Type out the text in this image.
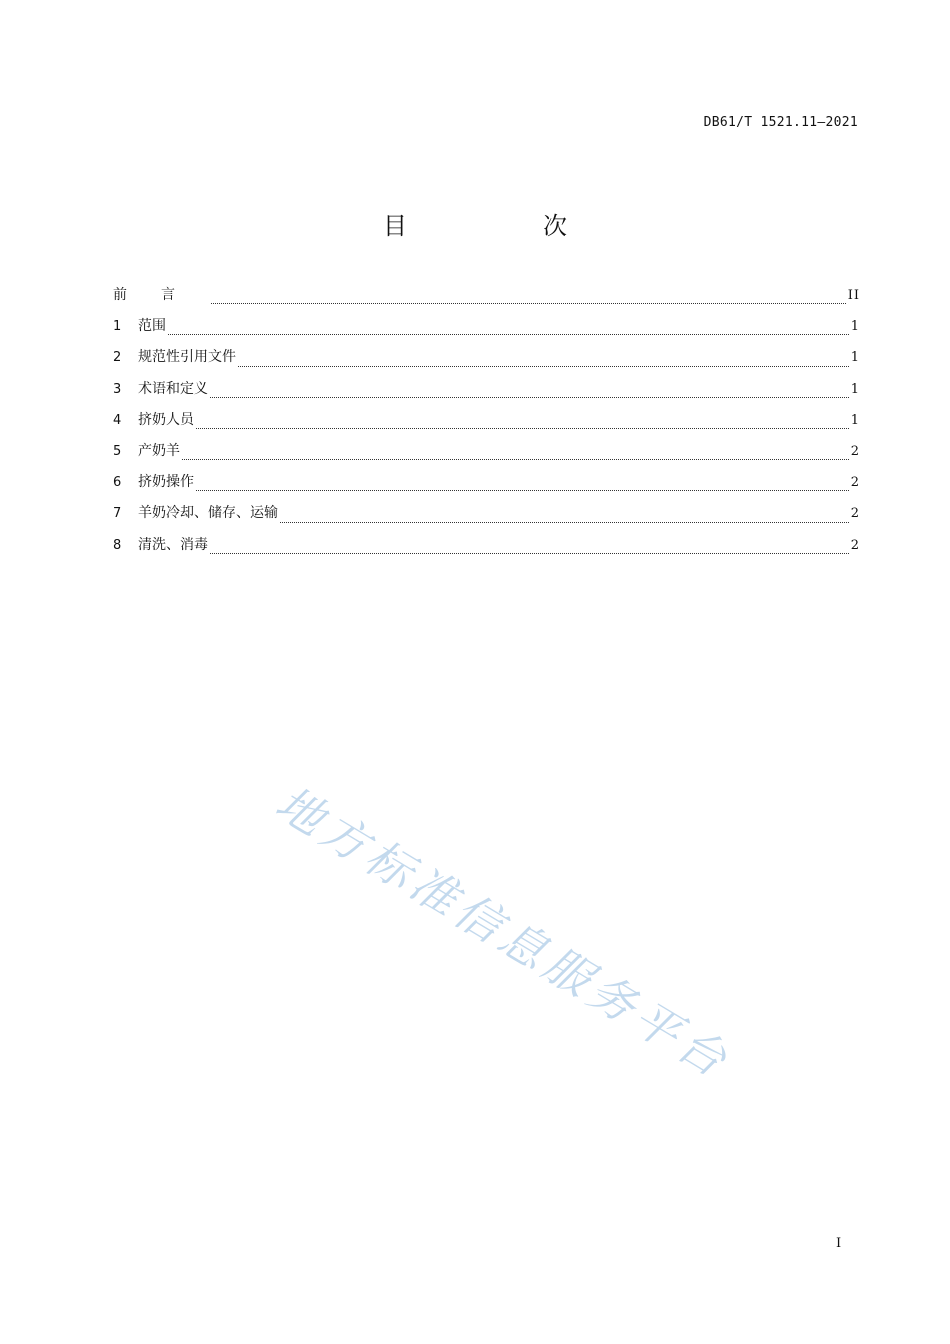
DB61/T 1521.11—2021
目　次
前言	II
1	范围	1
2	规范性引用文件	1
3	术语和定义	1
4	挤奶人员	1
5	产奶羊	2
6	挤奶操作	2
7	羊奶冷却、储存、运输	2
8	清洗、消毒	2
地方标准信息服务平台
I
